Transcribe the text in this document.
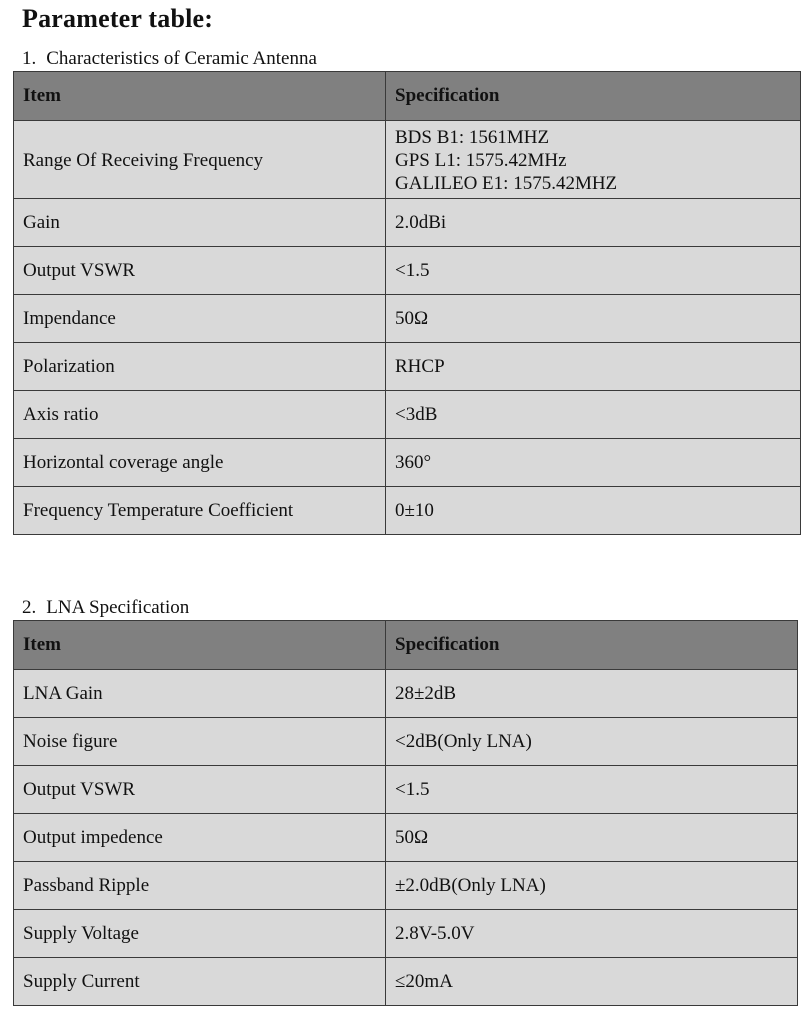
Parameter table:

1. Characteristics of Ceramic Antenna

Item	Specification
Range Of Receiving Frequency	BDS B1: 1561MHZ
GPS L1: 1575.42MHz
GALILEO E1: 1575.42MHZ

Gain	2.0dBi
Output VSWR	<1.5
Impendance	50Ω
Polarization	RHCP
Axis ratio	<3dB
Horizontal coverage angle	360°
Frequency Temperature Coefficient	0±10

2. LNA Specification

Item	Specification
LNA Gain	28±2dB
Noise figure	<2dB(Only LNA)
Output VSWR	<1.5
Output impedence	50Ω
Passband Ripple	±2.0dB(Only LNA)
Supply Voltage	2.8V-5.0V
Supply Current	≤20mA
